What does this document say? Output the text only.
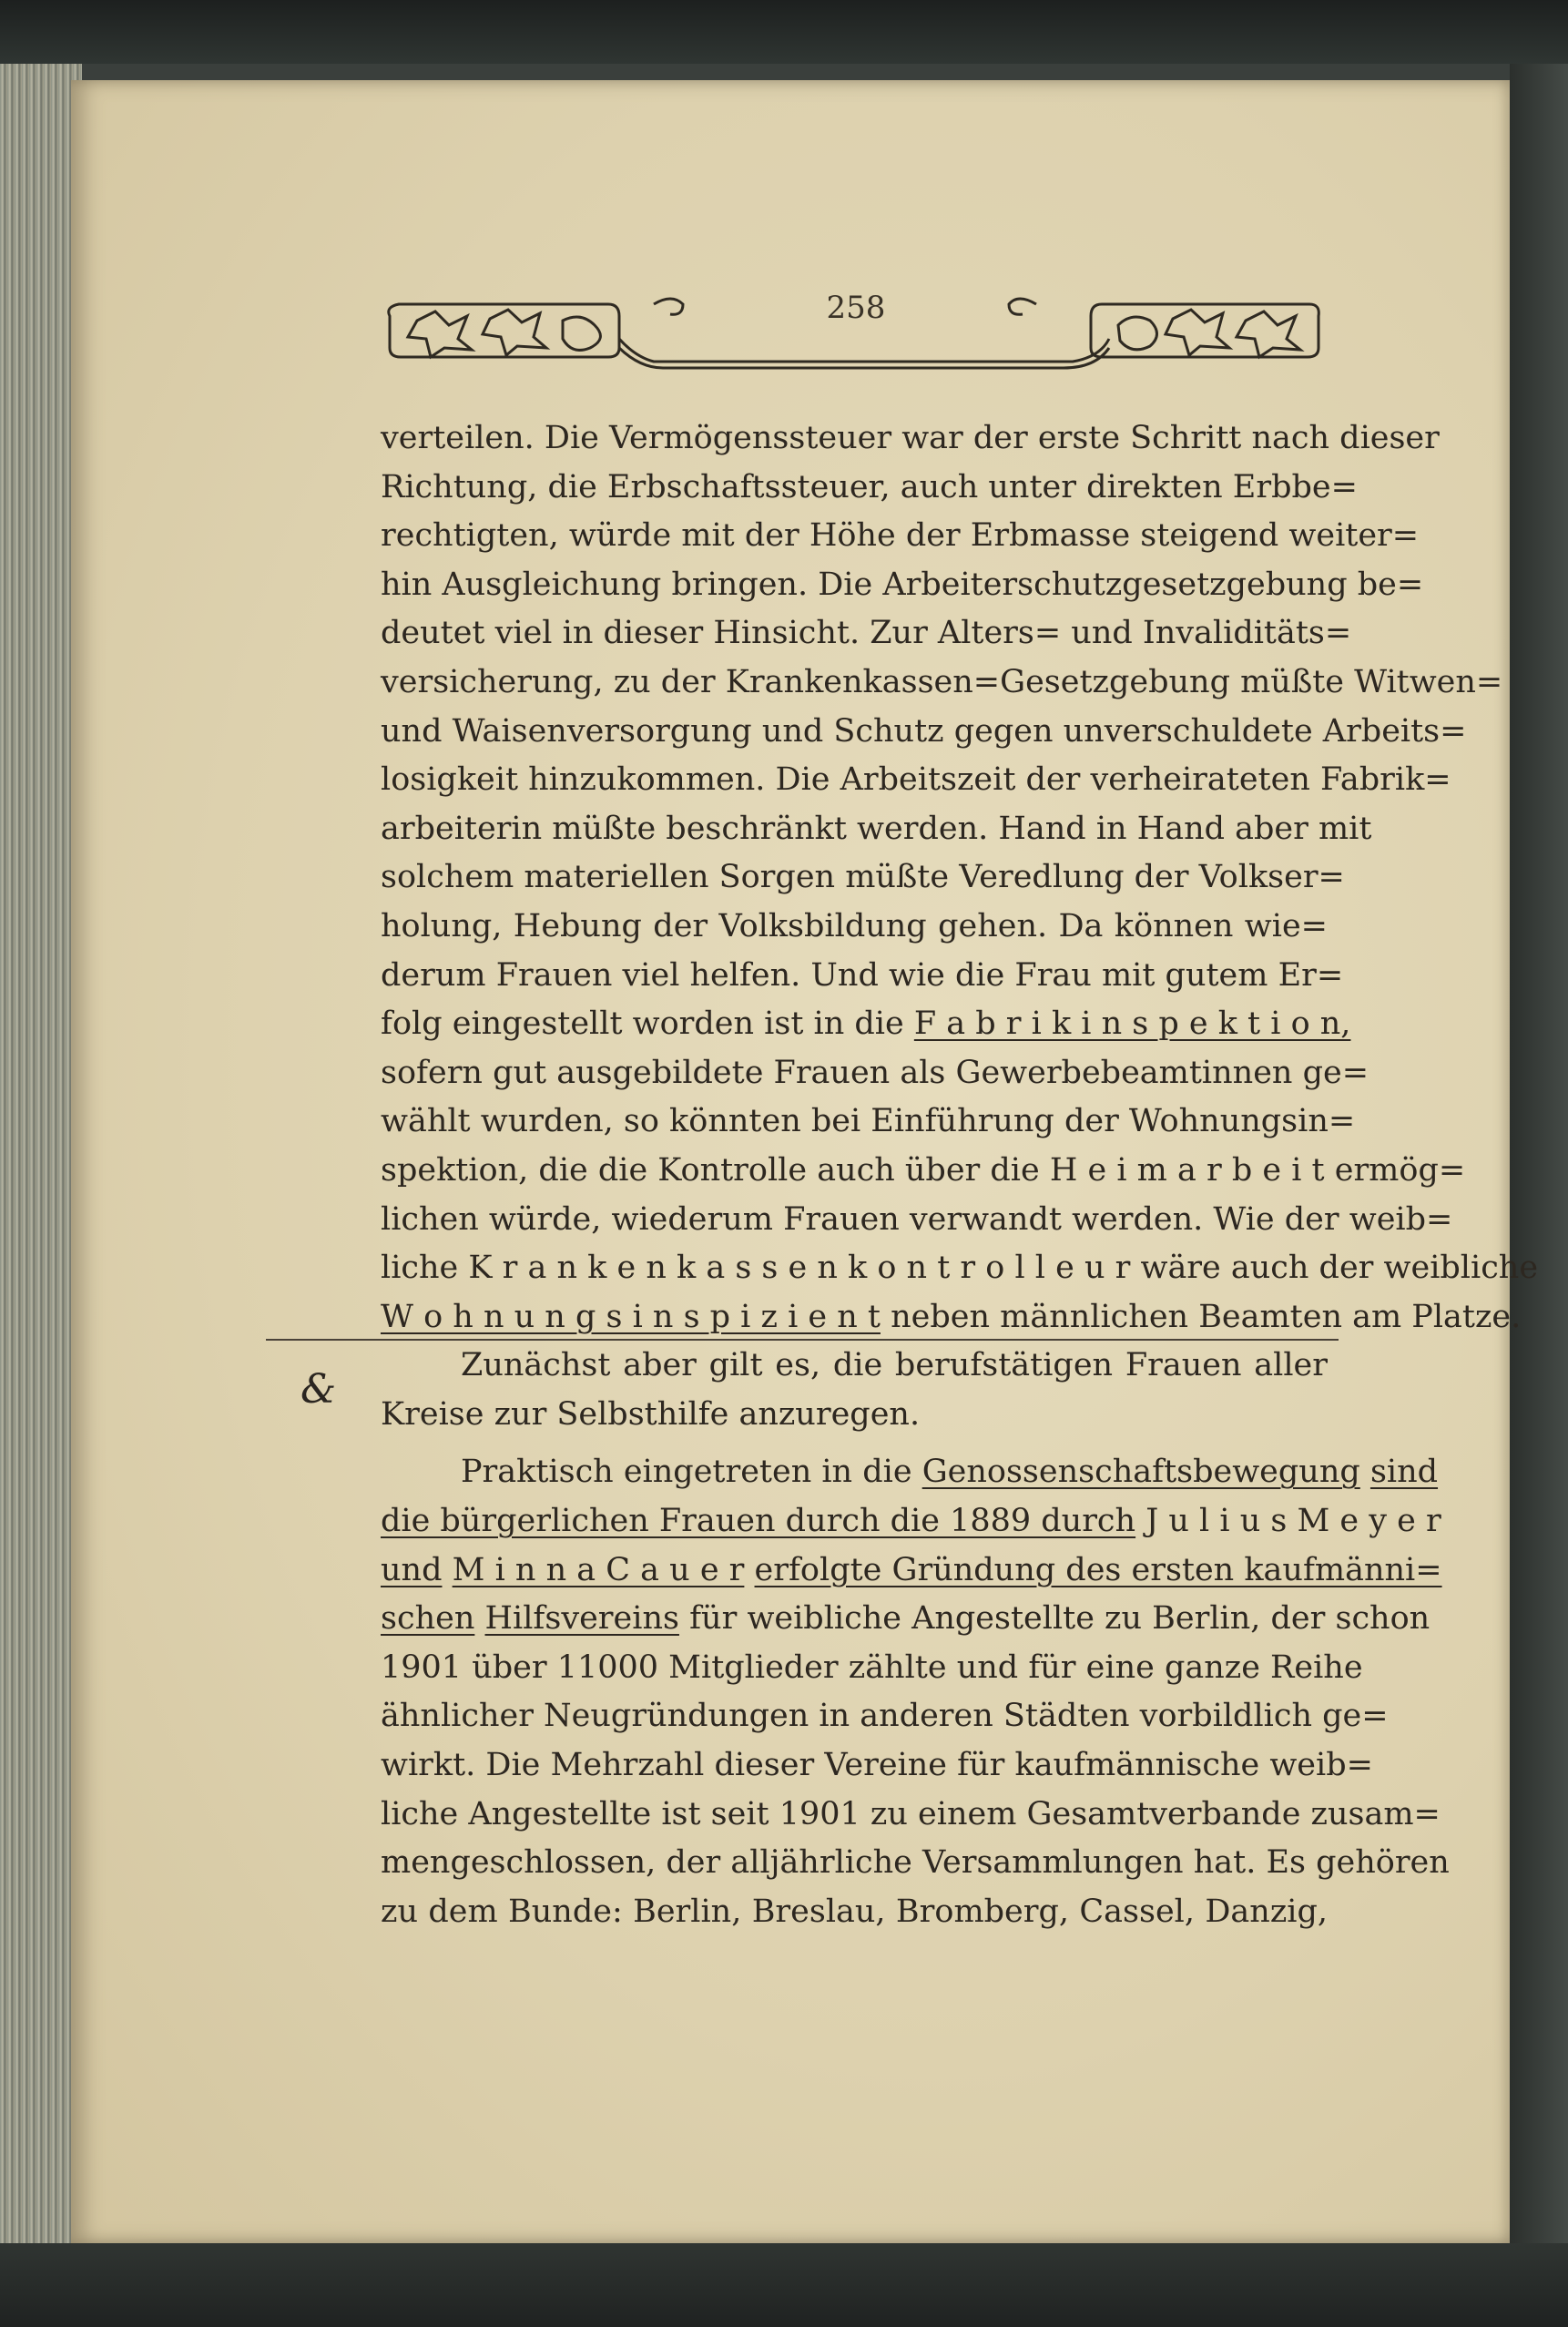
258
&
verteilen. Die Vermögenssteuer war der erste Schritt nach dieser
Richtung, die Erbschaftssteuer, auch unter direkten Erbbe=
rechtigten, würde mit der Höhe der Erbmasse steigend weiter=
hin Ausgleichung bringen. Die Arbeiterschutzgesetzgebung be=
deutet viel in dieser Hinsicht. Zur Alters= und Invaliditäts=
versicherung, zu der Krankenkassen=Gesetzgebung müßte Witwen=
und Waisenversorgung und Schutz gegen unverschuldete Arbeits=
losigkeit hinzukommen. Die Arbeitszeit der verheirateten Fabrik=
arbeiterin müßte beschränkt werden. Hand in Hand aber mit
solchem materiellen Sorgen müßte Veredlung der Volkser=
holung, Hebung der Volksbildung gehen. Da können wie=
derum Frauen viel helfen. Und wie die Frau mit gutem Er=
folg eingestellt worden ist in die F a b r i k i n s p e k t i o n,
sofern gut ausgebildete Frauen als Gewerbebeamtinnen ge=
wählt wurden, so könnten bei Einführung der Wohnungsin=
spektion, die die Kontrolle auch über die H e i m a r b e i t ermög=
lichen würde, wiederum Frauen verwandt werden. Wie der weib=
liche K r a n k e n k a s s e n k o n t r o l l e u r wäre auch der weibliche
W o h n u n g s i n s p i z i e n t neben männlichen Beamten am Platze.
Zunächst aber gilt es, die berufstätigen Frauen aller
Kreise zur Selbsthilfe anzuregen.
Praktisch eingetreten in die Genossenschaftsbewegung sind
die bürgerlichen Frauen durch die 1889 durch J u l i u s M e y e r
und M i n n a C a u e r erfolgte Gründung des ersten kaufmänni=
schen Hilfsvereins für weibliche Angestellte zu Berlin, der schon
1901 über 11000 Mitglieder zählte und für eine ganze Reihe
ähnlicher Neugründungen in anderen Städten vorbildlich ge=
wirkt. Die Mehrzahl dieser Vereine für kaufmännische weib=
liche Angestellte ist seit 1901 zu einem Gesamtverbande zusam=
mengeschlossen, der alljährliche Versammlungen hat. Es gehören
zu dem Bunde: Berlin, Breslau, Bromberg, Cassel, Danzig,
